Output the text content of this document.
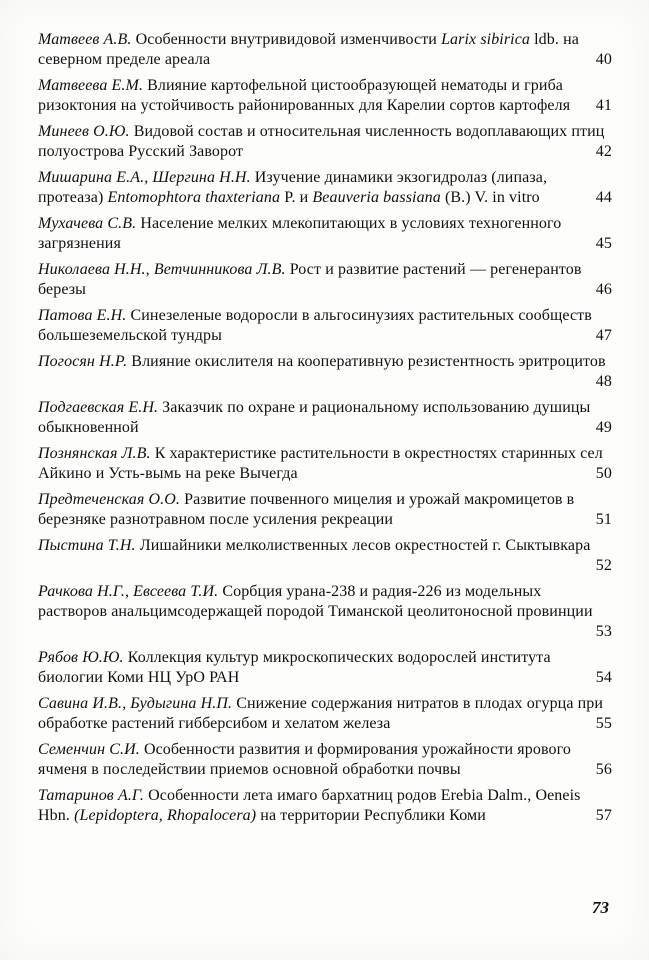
Матвеев А.В. Особенности внутривидовой изменчивости Larix sibirica ldb. на северном пределе ареала	40

Матвеева Е.М. Влияние картофельной цистообразующей нематоды и гриба ризоктония на устойчивость районированных для Карелии сортов картофеля	41

Минеев О.Ю. Видовой состав и относительная численность водоплавающих птиц полуострова Русский Заворот	42

Мишарина Е.А., Шергина Н.Н. Изучение динамики экзогидролаз (липаза, протеаза) Entomophtora thaxteriana P. и Beauveria bassiana (В.) V. in vitro	44

Мухачева С.В. Население мелких млекопитающих в условиях техногенного загрязнения	45

Николаева Н.Н., Ветчинникова Л.В. Рост и развитие растений — регенерантов березы	46

Патова Е.Н. Синезеленые водоросли в альгосинузиях растительных сообществ большеземельской тундры	47

Погосян Н.Р. Влияние окислителя на кооперативную резистентность эритроцитов
48

Подгаевская Е.Н. Заказчик по охране и рациональному использованию душицы обыкновенной	49

Познянская Л.В. К характеристике растительности в окрестностях старинных сел Айкино и Усть-вымь на реке Вычегда	50

Предтеченская О.О. Развитие почвенного мицелия и урожай макромицетов в березняке разнотравном после усиления рекреации	51

Пыстина Т.Н. Лишайники мелколиственных лесов окрестностей г. Сыктывкара
52

Рачкова Н.Г., Евсеева Т.И. Сорбция урана-238 и радия-226 из модельных растворов анальцимсодержащей породой Тиманской цеолитоносной провинции
53

Рябов Ю.Ю. Коллекция культур микроскопических водорослей института биологии Коми НЦ УрО РАН	54

Савина И.В., Будыгина Н.П. Снижение содержания нитратов в плодах огурца при обработке растений гибберсибом и хелатом железа	55

Семенчин С.И. Особенности развития и формирования урожайности ярового ячменя в последействии приемов основной обработки почвы	56

Татаринов А.Г. Особенности лета имаго бархатниц родов Erebia Dalm., Oeneis Hbn. (Lepidoptera, Rhopalocera) на территории Республики Коми	57

73
